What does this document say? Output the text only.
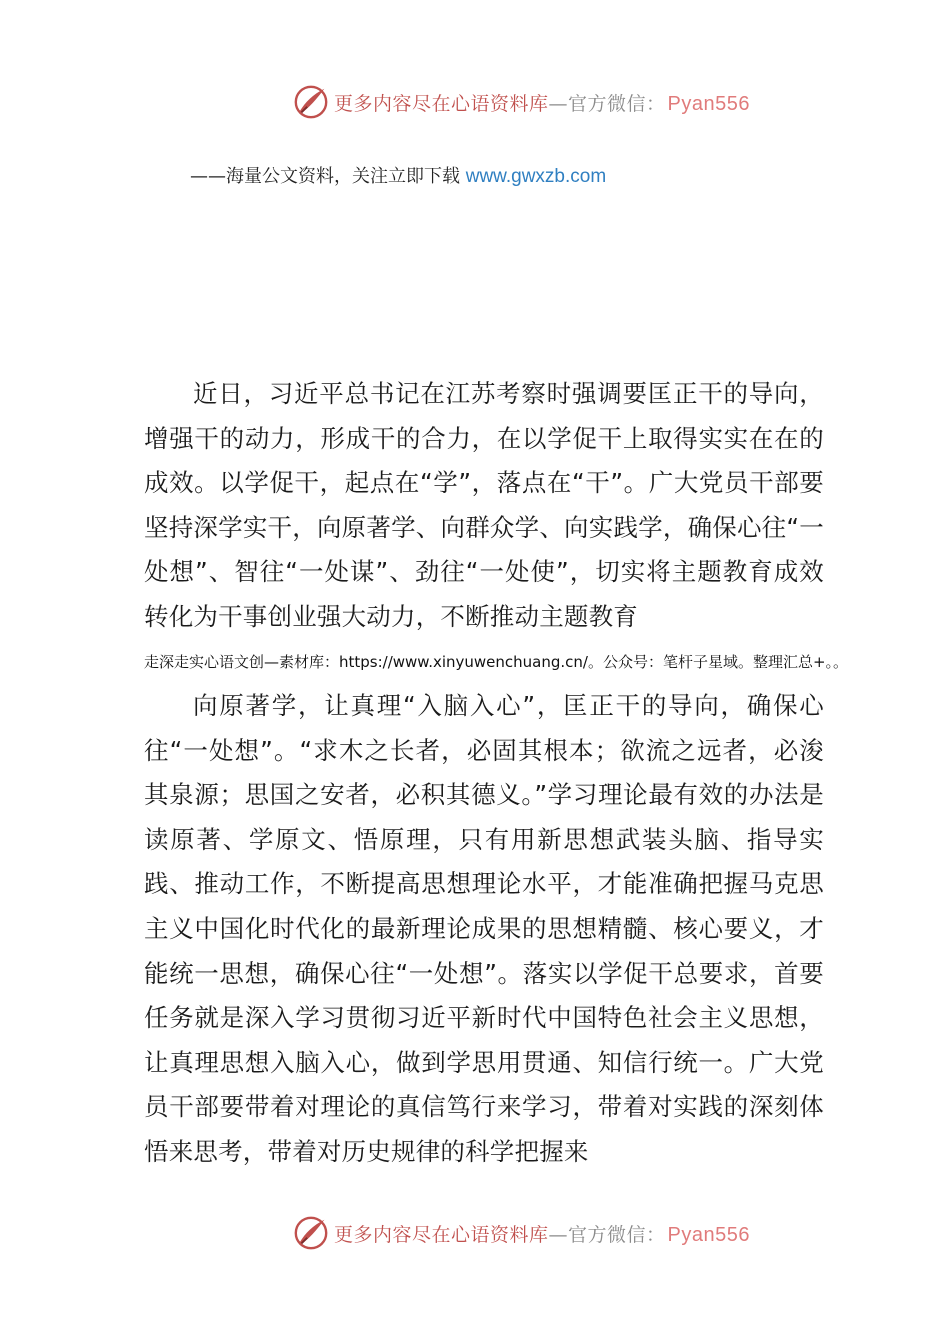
更多内容尽在心语资料库—官方微信： Pyan556
——海量公文资料，关注立即下载 www.gwxzb.com

近日，习近平总书记在江苏考察时强调要匡正干的导向，增强干的动力，形成干的合力，在以学促干上取得实实在在的成效。以学促干，起点在“学”，落点在“干”。广大党员干部要坚持深学实干，向原著学、向群众学、向实践学，确保心往“一处想”、智往“一处谋”、劲往“一处使”，切实将主题教育成效转化为干事创业强大动力，不断推动主题教育

走深走实心语文创—素材库：https://www.xinyuwenchuang.cn/。公众号：笔杆子星域。整理汇总+。。

向原著学，让真理“入脑入心”，匡正干的导向，确保心往“一处想”。“求木之长者，必固其根本；欲流之远者，必浚其泉源；思国之安者，必积其德义。”学习理论最有效的办法是读原著、学原文、悟原理，只有用新思想武装头脑、指导实践、推动工作，不断提高思想理论水平，才能准确把握马克思主义中国化时代化的最新理论成果的思想精髓、核心要义，才能统一思想，确保心往“一处想”。落实以学促干总要求，首要任务就是深入学习贯彻习近平新时代中国特色社会主义思想，让真理思想入脑入心，做到学思用贯通、知信行统一。广大党员干部要带着对理论的真信笃行来学习，带着对实践的深刻体悟来思考，带着对历史规律的科学把握来

更多内容尽在心语资料库—官方微信： Pyan556
